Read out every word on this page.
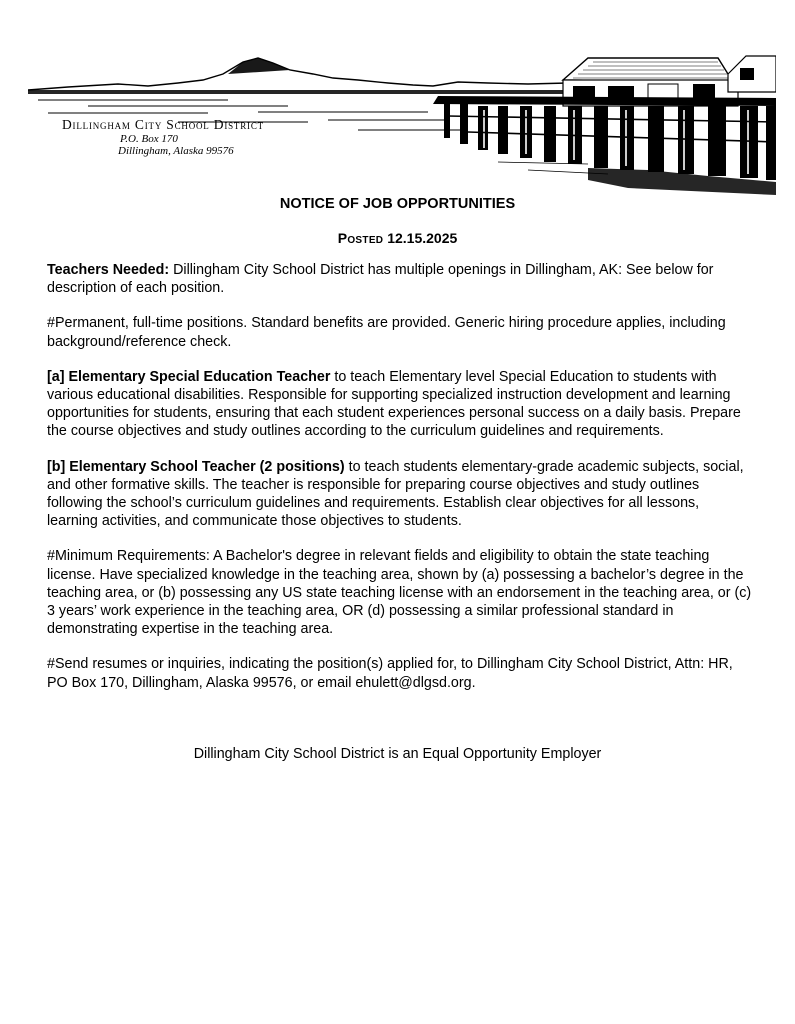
Dillingham City School District
P.O. Box 170
Dillingham, Alaska 99576
NOTICE OF JOB OPPORTUNITIES
Posted 12.15.2025

Teachers Needed: Dillingham City School District has multiple openings in Dillingham, AK: See below for description of each position.

#Permanent, full-time positions. Standard benefits are provided. Generic hiring procedure applies, including background/reference check.

[a] Elementary Special Education Teacher to teach Elementary level Special Education to students with various educational disabilities. Responsible for supporting specialized instruction development and learning opportunities for students, ensuring that each student experiences personal success on a daily basis. Prepare the course objectives and study outlines according to the curriculum guidelines and requirements.

[b] Elementary School Teacher (2 positions) to teach students elementary-grade academic subjects, social, and other formative skills. The teacher is responsible for preparing course objectives and study outlines following the school’s curriculum guidelines and requirements. Establish clear objectives for all lessons, learning activities, and communicate those objectives to students.

#Minimum Requirements: A Bachelor's degree in relevant fields and eligibility to obtain the state teaching license. Have specialized knowledge in the teaching area, shown by (a) possessing a bachelor’s degree in the teaching area, or (b) possessing any US state teaching license with an endorsement in the teaching area, or (c) 3 years’ work experience in the teaching area, OR (d) possessing a similar professional standard in demonstrating expertise in the teaching area.

#Send resumes or inquiries, indicating the position(s) applied for, to Dillingham City School District, Attn: HR, PO Box 170, Dillingham, Alaska 99576, or email ehulett@dlgsd.org.

Dillingham City School District is an Equal Opportunity Employer
